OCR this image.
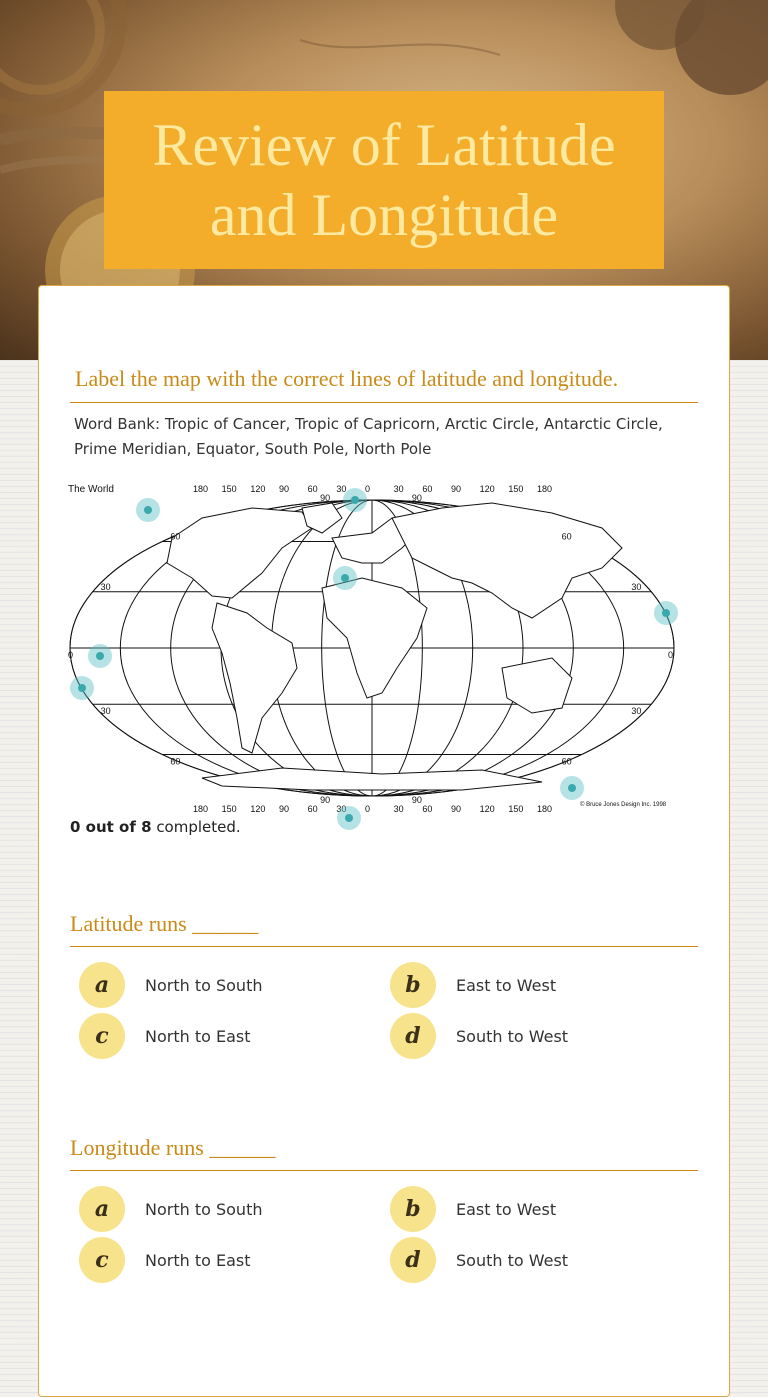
Review of Latitude and Longitude
Label the map with the correct lines of latitude and longitude.
Word Bank: Tropic of Cancer, Tropic of Capricorn, Arctic Circle, Antarctic Circle, Prime Meridian, Equator, South Pole, North Pole
The World
© Bruce Jones Design Inc. 1998
90
90
60	60
30	30
0	0
30	30
60	60
90
90
180
180
150
150
120
120
90
90
60
60
30
30
0
0
30
30
60
60
90
90
120
120
150
150
180
180
0 out of 8 completed.
Latitude runs ______
a	North to South	b	East to West
c	North to East	d	South to West
Longitude runs ______
a	North to South	b	East to West
c	North to East	d	South to West
